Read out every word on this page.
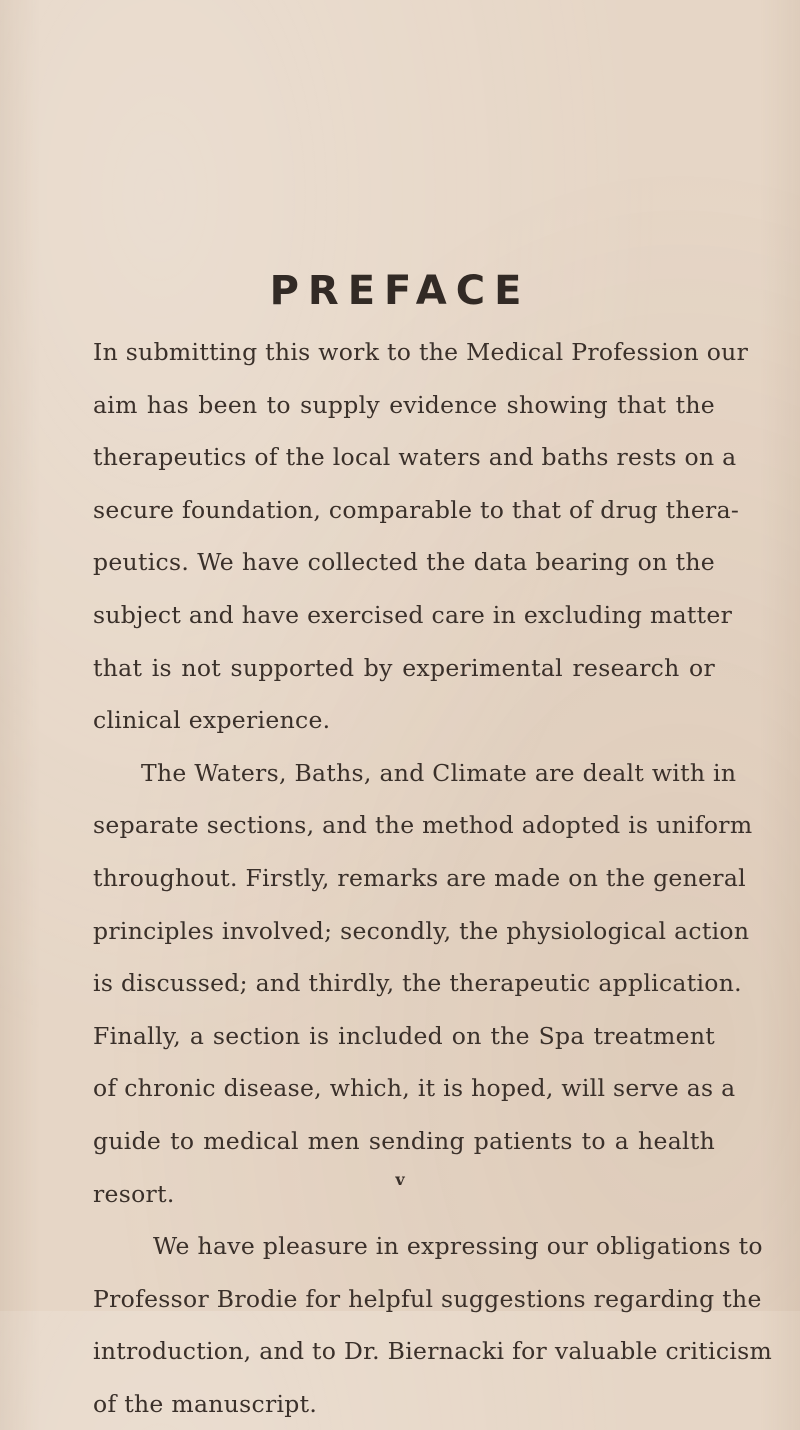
PREFACE
In submitting this work to the Medical Profession our
aim has been to supply evidence showing that the
therapeutics of the local waters and baths rests on a
secure foundation, comparable to that of drug thera-
peutics. We have collected the data bearing on the
subject and have exercised care in excluding matter
that is not supported by experimental research or
clinical experience.
The Waters, Baths, and Climate are dealt with in
separate sections, and the method adopted is uniform
throughout. Firstly, remarks are made on the general
principles involved; secondly, the physiological action
is discussed; and thirdly, the therapeutic application.
Finally, a section is included on the Spa treatment
of chronic disease, which, it is hoped, will serve as a
guide to medical men sending patients to a health
resort.
We have pleasure in expressing our obligations to
Professor Brodie for helpful suggestions regarding the
introduction, and to Dr. Biernacki for valuable criticism
of the manuscript.
v
